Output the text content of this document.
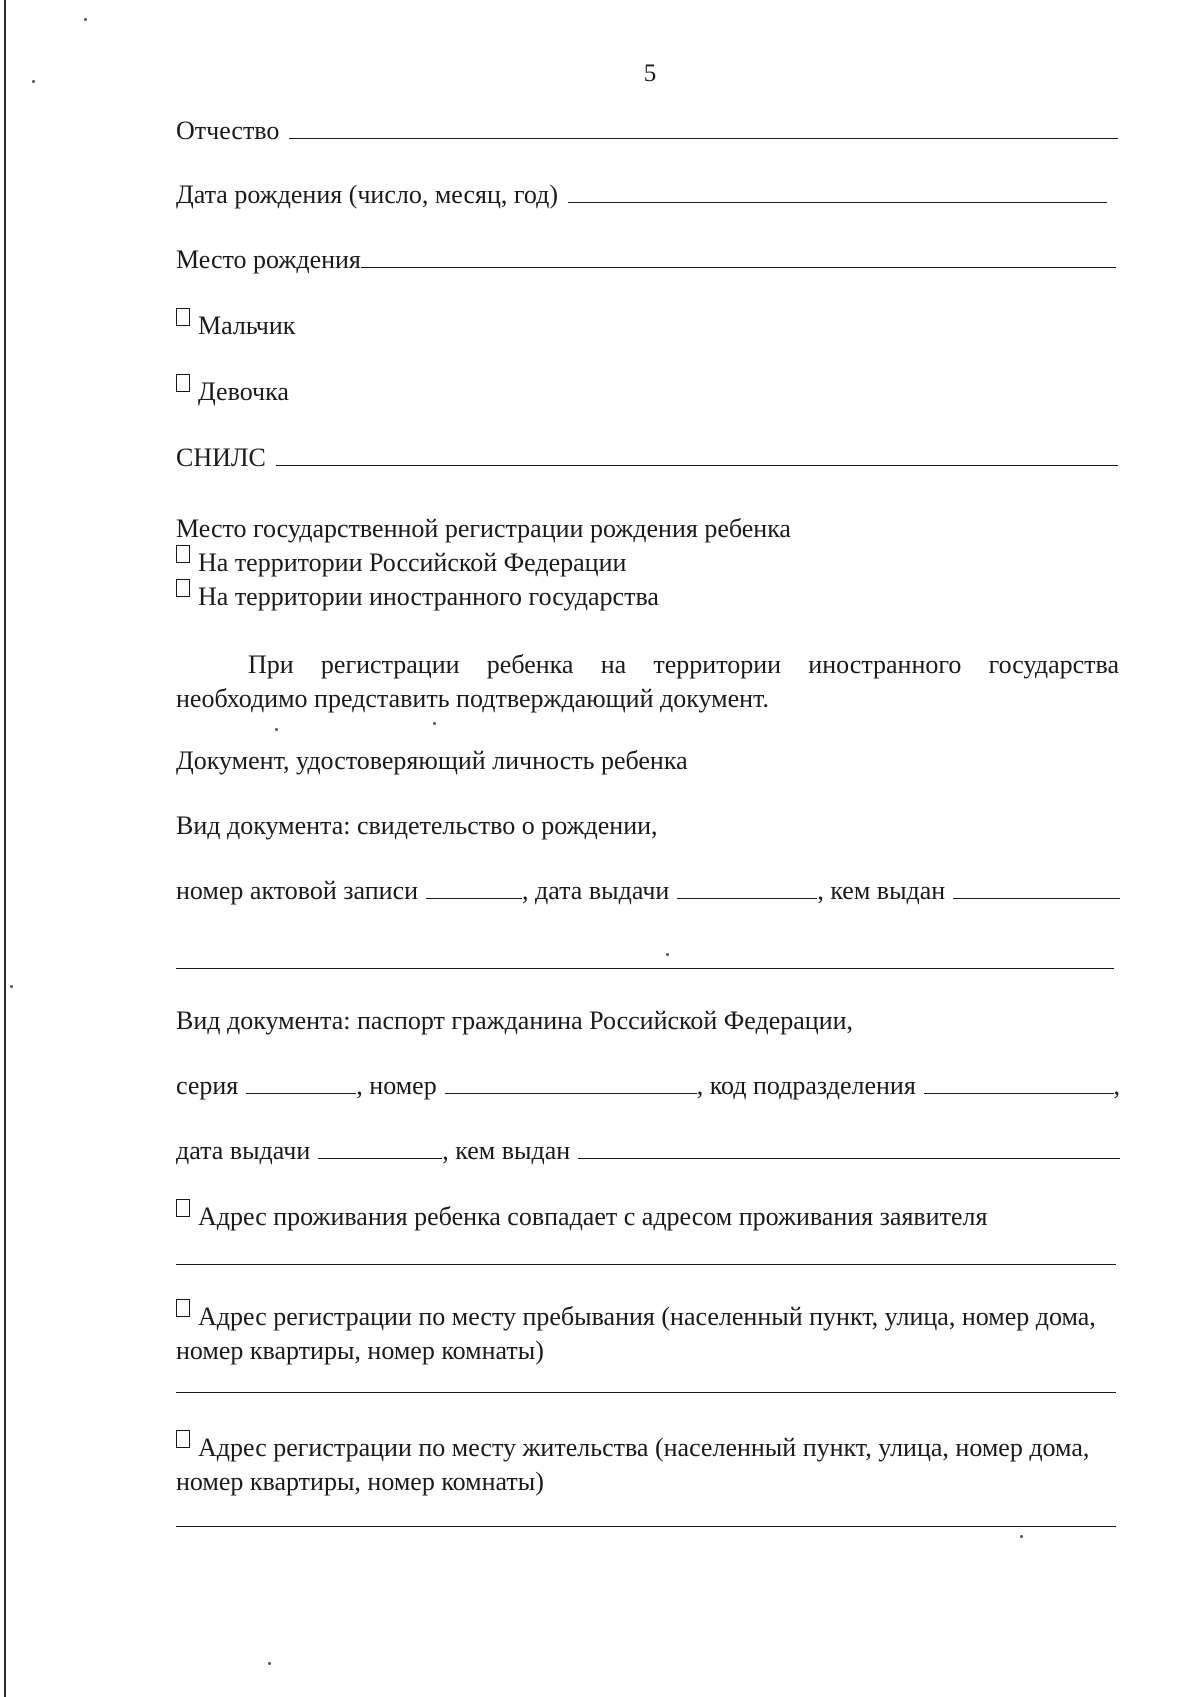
5
Отчество
Дата рождения (число, месяц, год)
Место рождения
Мальчик
Девочка
СНИЛС
Место государственной регистрации рождения ребенка
На территории Российской Федерации
На территории иностранного государства
При регистрации ребенка на территории иностранного государства необходимо представить подтверждающий документ.
Документ, удостоверяющий личность ребенка
Вид документа: свидетельство о рождении,
номер актовой записи	, дата выдачи	, кем выдан
Вид документа: паспорт гражданина Российской Федерации,
серия	, номер	, код подразделения	,
дата выдачи	, кем выдан
Адрес проживания ребенка совпадает с адресом проживания заявителя
Адрес регистрации по месту пребывания (населенный пункт, улица, номер дома, номер квартиры, номер комнаты)
Адрес регистрации по месту жительства (населенный пункт, улица, номер дома, номер квартиры, номер комнаты)
